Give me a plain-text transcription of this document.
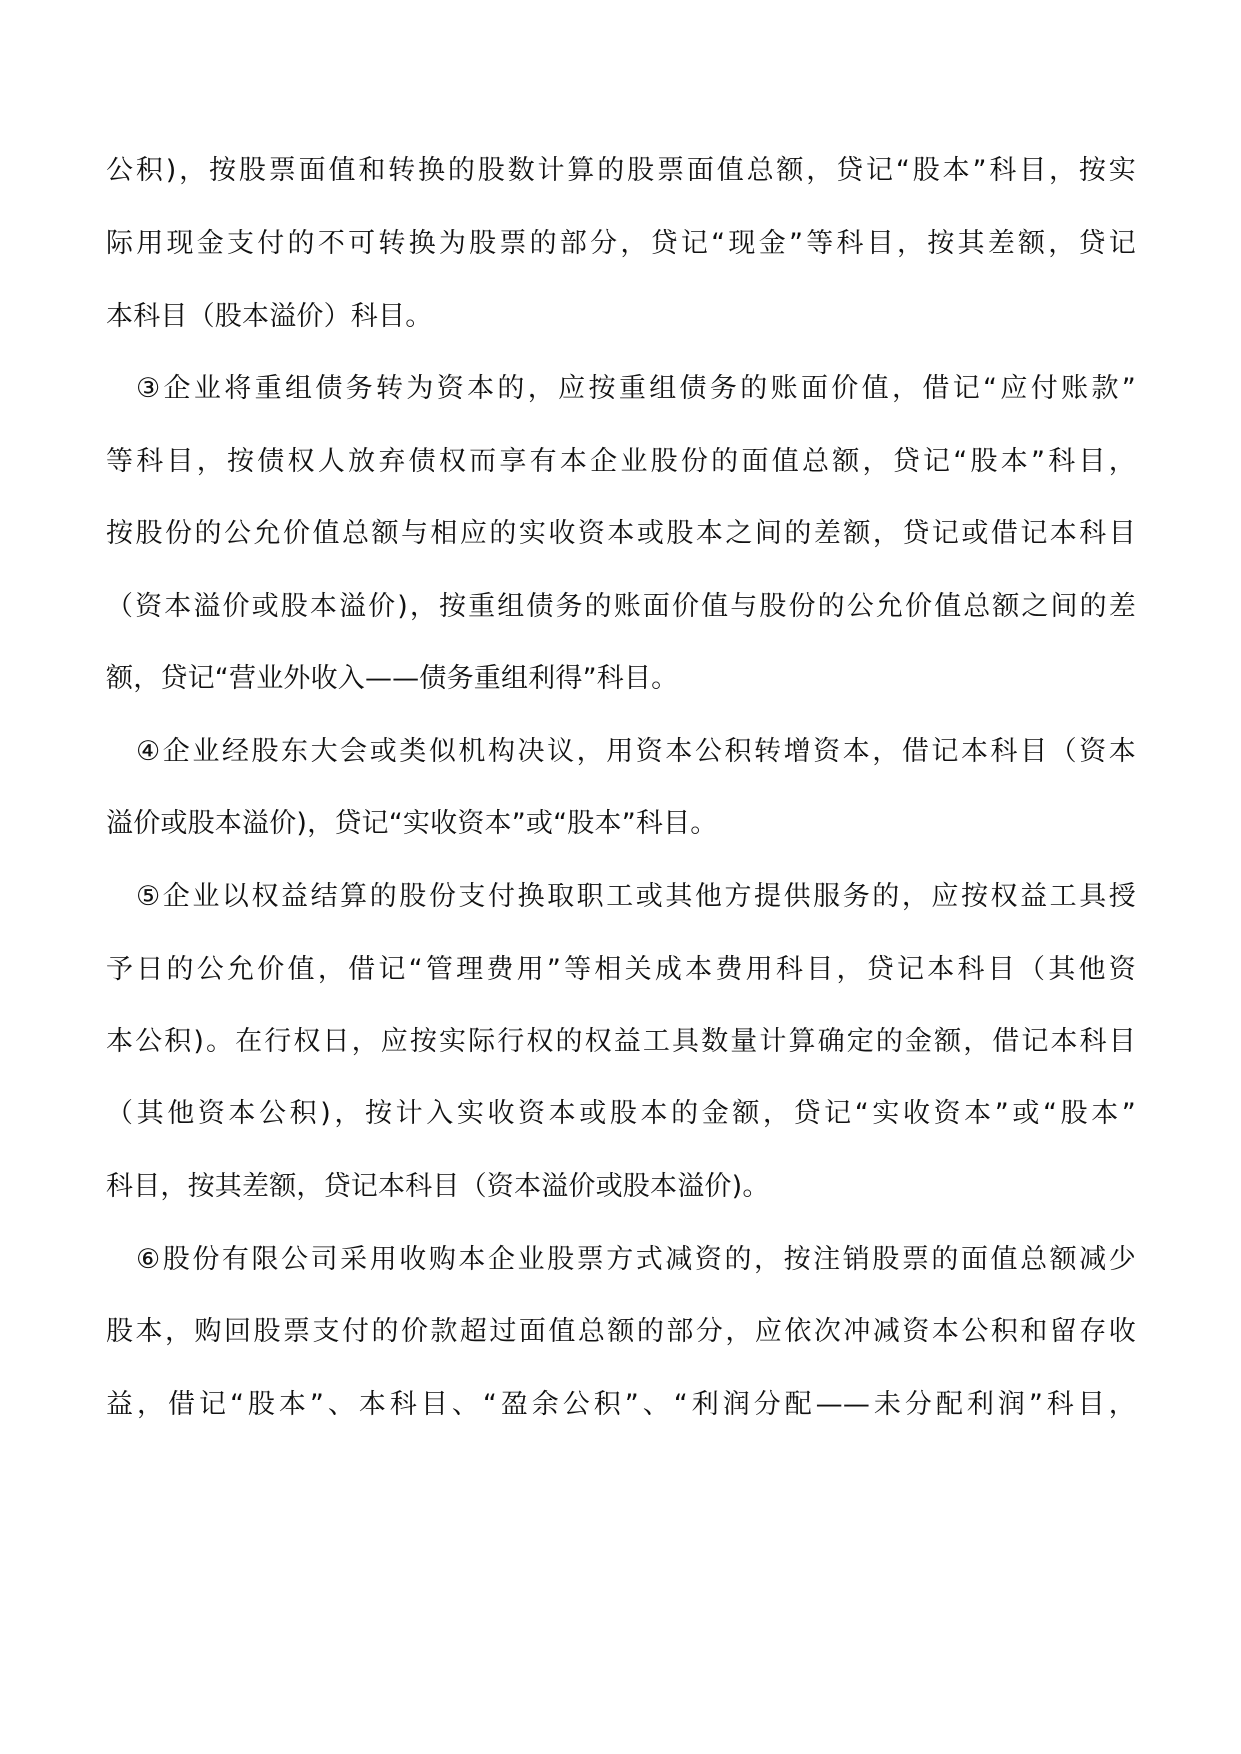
公积)，按股票面值和转换的股数计算的股票面值总额，贷记“股本”科目，按实
际用现金支付的不可转换为股票的部分，贷记“现金”等科目，按其差额，贷记
本科目（股本溢价）科目。
③企业将重组债务转为资本的，应按重组债务的账面价值，借记“应付账款”
等科目，按债权人放弃债权而享有本企业股份的面值总额，贷记“股本”科目，
按股份的公允价值总额与相应的实收资本或股本之间的差额，贷记或借记本科目
（资本溢价或股本溢价)，按重组债务的账面价值与股份的公允价值总额之间的差
额，贷记“营业外收入——债务重组利得”科目。
④企业经股东大会或类似机构决议，用资本公积转增资本，借记本科目（资本
溢价或股本溢价)，贷记“实收资本”或“股本”科目。
⑤企业以权益结算的股份支付换取职工或其他方提供服务的，应按权益工具授
予日的公允价值，借记“管理费用”等相关成本费用科目，贷记本科目（其他资
本公积)。在行权日，应按实际行权的权益工具数量计算确定的金额，借记本科目
（其他资本公积)，按计入实收资本或股本的金额，贷记“实收资本”或“股本”
科目，按其差额，贷记本科目（资本溢价或股本溢价)。
⑥股份有限公司采用收购本企业股票方式减资的，按注销股票的面值总额减少
股本，购回股票支付的价款超过面值总额的部分，应依次冲减资本公积和留存收
益，借记“股本”、本科目、“盈余公积”、“利润分配——未分配利润”科目，
